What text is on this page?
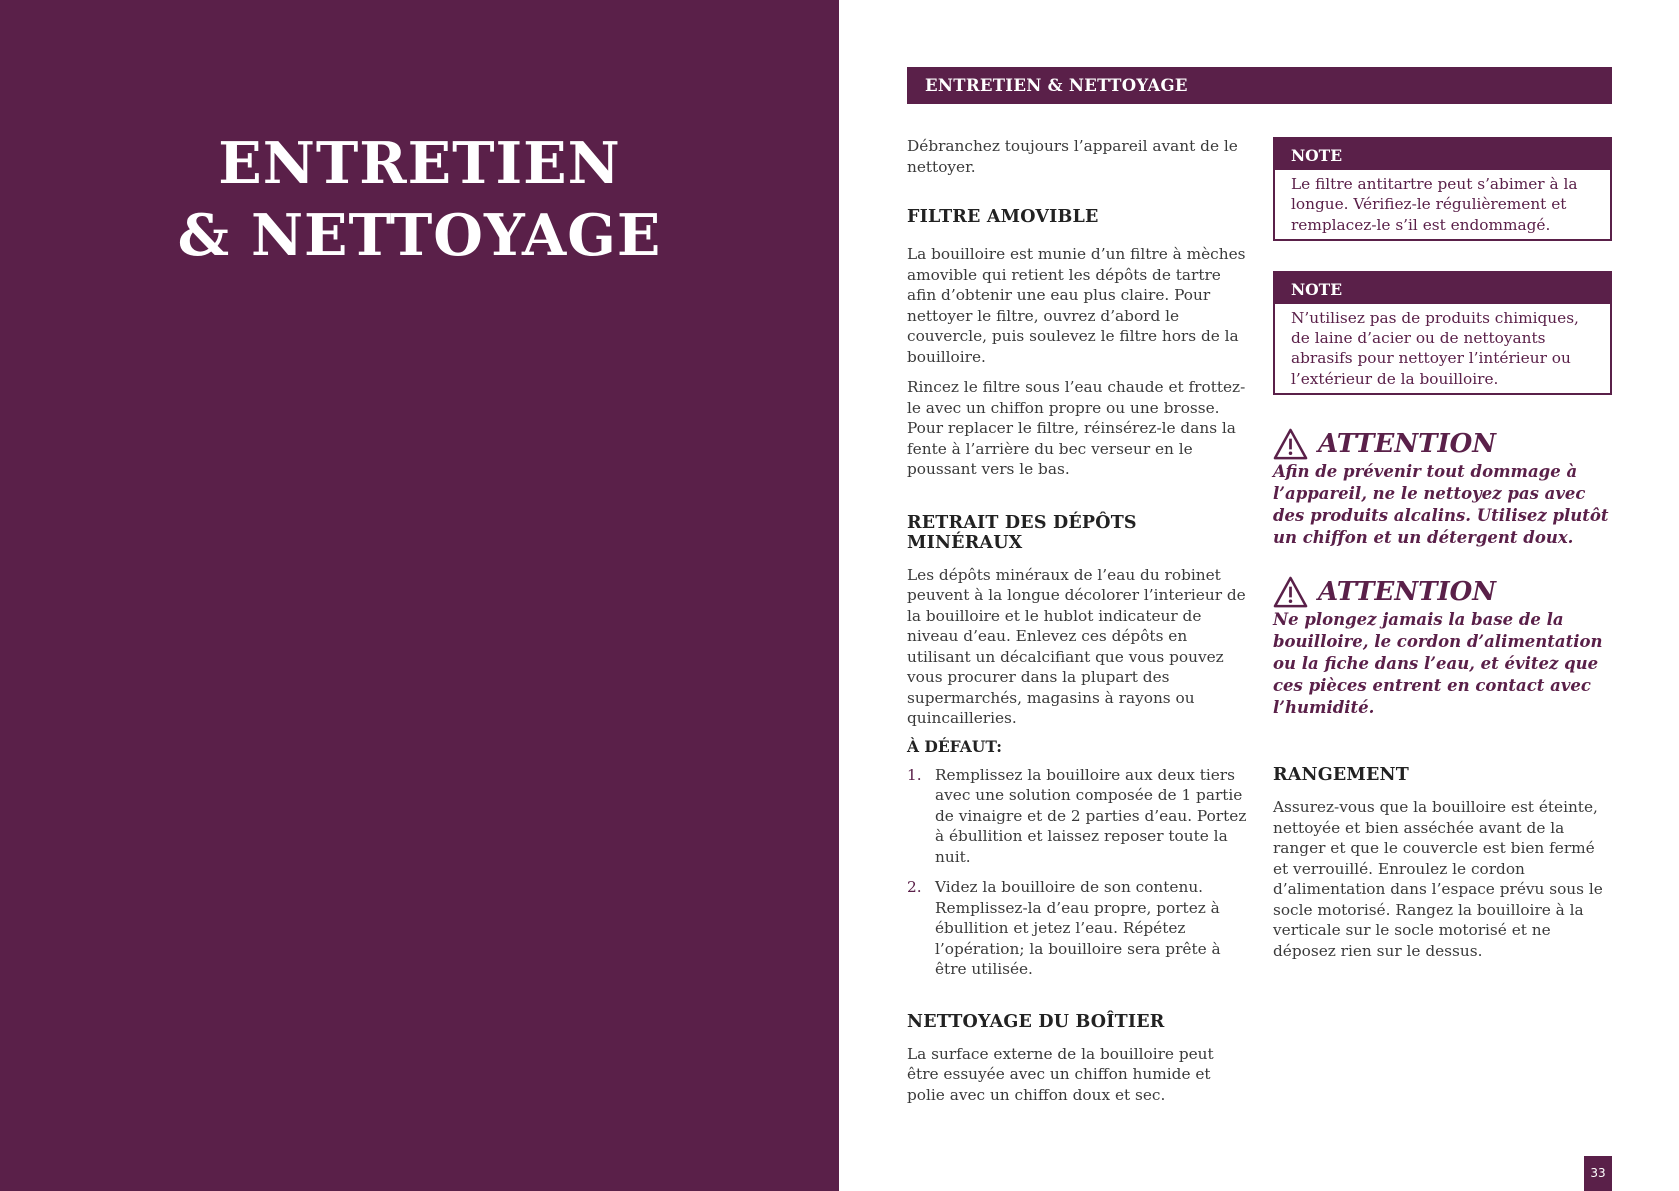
ENTRETIEN
& NETTOYAGE
ENTRETIEN & NETTOYAGE

Débranchez toujours l’appareil avant de le nettoyer.

FILTRE AMOVIBLE

La bouilloire est munie d’un filtre à mèches amovible qui retient les dépôts de tartre afin d’obtenir une eau plus claire. Pour nettoyer le filtre, ouvrez d’abord le couvercle, puis soulevez le filtre hors de la bouilloire.

Rincez le filtre sous l’eau chaude et frottez-le avec un chiffon propre ou une brosse. Pour replacer le filtre, réinsérez-le dans la fente à l’arrière du bec verseur en le poussant vers le bas.

RETRAIT DES DÉPÔTS MINÉRAUX

Les dépôts minéraux de l’eau du robinet peuvent à la longue décolorer l’interieur de la bouilloire et le hublot indicateur de niveau d’eau. Enlevez ces dépôts en utilisant un décalcifiant que vous pouvez vous procurer dans la plupart des supermarchés, magasins à rayons ou quincailleries.

À DÉFAUT:
1. Remplissez la bouilloire aux deux tiers avec une solution composée de 1 partie de vinaigre et de 2 parties d’eau. Portez à ébullition et laissez reposer toute la nuit.
2. Videz la bouilloire de son contenu. Remplissez-la d’eau propre, portez à ébullition et jetez l’eau. Répétez l’opération; la bouilloire sera prête à être utilisée.
NETTOYAGE DU BOÎTIER

La surface externe de la bouilloire peut être essuyée avec un chiffon humide et polie avec un chiffon doux et sec.

NOTE
Le filtre antitartre peut s’abimer à la longue. Vérifiez-le régulièrement et remplacez-le s’il est endommagé.
NOTE
N’utilisez pas de produits chimiques, de laine d’acier ou de nettoyants abrasifs pour nettoyer l’intérieur ou l’extérieur de la bouilloire.
ATTENTION

Afin de prévenir tout dommage à l’appareil, ne le nettoyez pas avec des produits alcalins. Utilisez plutôt un chiffon et un détergent doux.

ATTENTION

Ne plongez jamais la base de la bouilloire, le cordon d’alimentation ou la fiche dans l’eau, et évitez que ces pièces entrent en contact avec l’humidité.

RANGEMENT

Assurez-vous que la bouilloire est éteinte, nettoyée et bien asséchée avant de la ranger et que le couvercle est bien fermé et verrouillé. Enroulez le cordon d’alimentation dans l’espace prévu sous le socle motorisé. Rangez la bouilloire à la verticale sur le socle motorisé et ne déposez rien sur le dessus.

33
